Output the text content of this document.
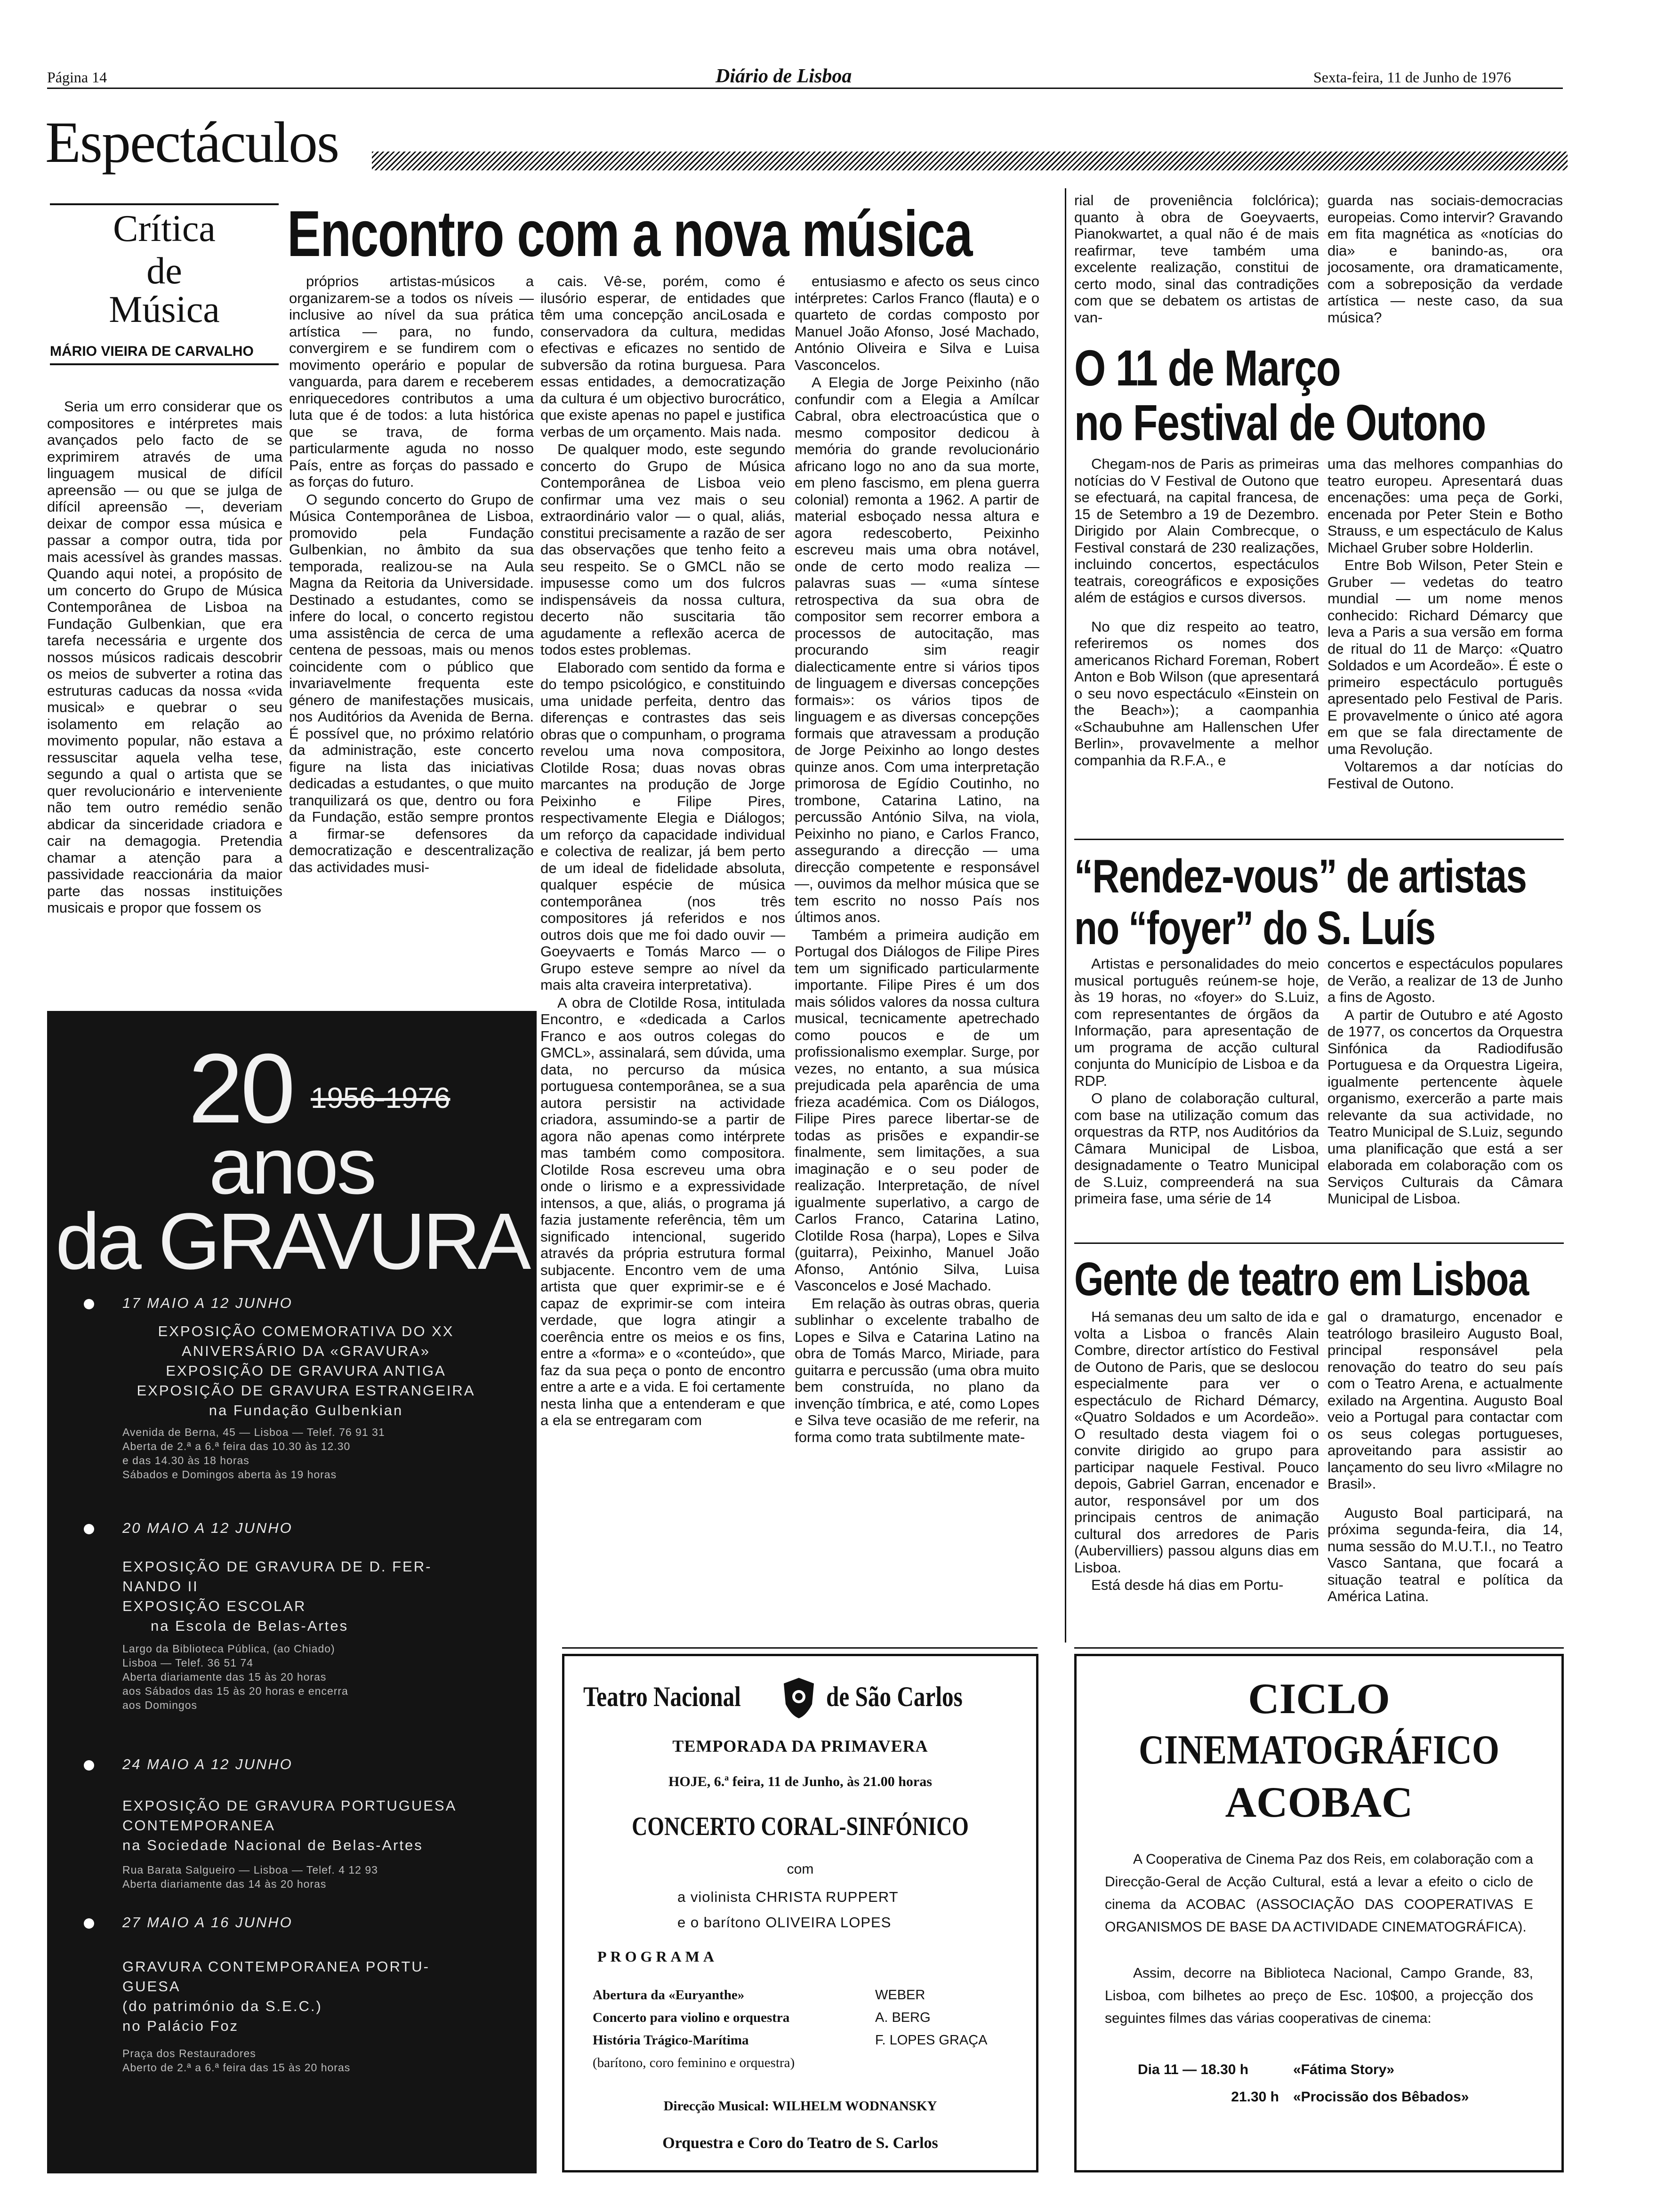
Página 14	Diário de Lisboa	Sexta-feira, 11 de Junho de 1976
Espectáculos
Crítica
de
Música
MÁRIO VIEIRA DE CARVALHO
Encontro com a nova música

Seria um erro considerar que os compositores e intérpretes mais avançados pelo facto de se exprimirem através de uma linguagem musical de difícil apreensão — ou que se julga de difícil apreensão —, deveriam deixar de compor essa música e passar a compor outra, tida por mais acessível às grandes massas. Quando aqui notei, a propósito de um concerto do Grupo de Música Contemporânea de Lisboa na Fundação Gulbenkian, que era tarefa necessária e urgente dos nossos músicos radicais descobrir os meios de subverter a rotina das estruturas caducas da nossa «vida musical» e quebrar o seu isolamento em relação ao movimento popular, não estava a ressuscitar aquela velha tese, segundo a qual o artista que se quer revolucionário e interveniente não tem outro remédio senão abdicar da sinceridade criadora e cair na demagogia. Pretendia chamar a atenção para a passividade reaccionária da maior parte das nossas instituições musicais e propor que fossem os

próprios artistas-músicos a organizarem-se a todos os níveis — inclusive ao nível da sua prática artística — para, no fundo, convergirem e se fundirem com o movimento operário e popular de vanguarda, para darem e receberem enriquecedores contributos a uma luta que é de todos: a luta histórica que se trava, de forma particularmente aguda no nosso País, entre as forças do passado e as forças do futuro.

O segundo concerto do Grupo de Música Contemporânea de Lisboa, promovido pela Fundação Gulbenkian, no âmbito da sua temporada, realizou-se na Aula Magna da Reitoria da Universidade. Destinado a estudantes, como se infere do local, o concerto registou uma assistência de cerca de uma centena de pessoas, mais ou menos coincidente com o público que invariavelmente frequenta este género de manifestações musicais, nos Auditórios da Avenida de Berna. É possível que, no próximo relatório da administração, este concerto figure na lista das iniciativas dedicadas a estudantes, o que muito tranquilizará os que, dentro ou fora da Fundação, estão sempre prontos a firmar-se defensores da democratização e descentralização das actividades musi-

cais. Vê-se, porém, como é ilusório esperar, de entidades que têm uma concepção anciLosada e conservadora da cultura, medidas efectivas e eficazes no sentido de subversão da rotina burguesa. Para essas entidades, a democratização da cultura é um objectivo burocrático, que existe apenas no papel e justifica verbas de um orçamento. Mais nada.

De qualquer modo, este segundo concerto do Grupo de Música Contemporânea de Lisboa veio confirmar uma vez mais o seu extraordinário valor — o qual, aliás, constitui precisamente a razão de ser das observações que tenho feito a seu respeito. Se o GMCL não se impusesse como um dos fulcros indispensáveis da nossa cultura, decerto não suscitaria tão agudamente a reflexão acerca de todos estes problemas.

Elaborado com sentido da forma e do tempo psicológico, e constituindo uma unidade perfeita, dentro das diferenças e contrastes das seis obras que o compunham, o programa revelou uma nova compositora, Clotilde Rosa; duas novas obras marcantes na produção de Jorge Peixinho e Filipe Pires, respectivamente Elegia e Diálogos; um reforço da capacidade individual e colectiva de realizar, já bem perto de um ideal de fidelidade absoluta, qualquer espécie de música contemporânea (nos três compositores já referidos e nos outros dois que me foi dado ouvir — Goeyvaerts e Tomás Marco — o Grupo esteve sempre ao nível da mais alta craveira interpretativa).

A obra de Clotilde Rosa, intitulada Encontro, e «dedicada a Carlos Franco e aos outros colegas do GMCL», assinalará, sem dúvida, uma data, no percurso da música portuguesa contemporânea, se a sua autora persistir na actividade criadora, assumindo-se a partir de agora não apenas como intérprete mas também como compositora. Clotilde Rosa escreveu uma obra onde o lirismo e a expressividade intensos, a que, aliás, o programa já fazia justamente referência, têm um significado intencional, sugerido através da própria estrutura formal subjacente. Encontro vem de uma artista que quer exprimir-se e é capaz de exprimir-se com inteira verdade, que logra atingir a coerência entre os meios e os fins, entre a «forma» e o «conteúdo», que faz da sua peça o ponto de encontro entre a arte e a vida. E foi certamente nesta linha que a entenderam e que a ela se entregaram com

entusiasmo e afecto os seus cinco intérpretes: Carlos Franco (flauta) e o quarteto de cordas composto por Manuel João Afonso, José Machado, António Oliveira e Silva e Luisa Vasconcelos.

A Elegia de Jorge Peixinho (não confundir com a Elegia a Amílcar Cabral, obra electroacústica que o mesmo compositor dedicou à memória do grande revolucionário africano logo no ano da sua morte, em pleno fascismo, em plena guerra colonial) remonta a 1962. A partir de material esboçado nessa altura e agora redescoberto, Peixinho escreveu mais uma obra notável, onde de certo modo realiza — palavras suas — «uma síntese retrospectiva da sua obra de compositor sem recorrer embora a processos de autocitação, mas procurando sim reagir dialecticamente entre si vários tipos de linguagem e diversas concepções formais»: os vários tipos de linguagem e as diversas concepções formais que atravessam a produção de Jorge Peixinho ao longo destes quinze anos. Com uma interpretação primorosa de Egídio Coutinho, no trombone, Catarina Latino, na percussão António Silva, na viola, Peixinho no piano, e Carlos Franco, assegurando a direcção — uma direcção competente e responsável —, ouvimos da melhor música que se tem escrito no nosso País nos últimos anos.

Também a primeira audição em Portugal dos Diálogos de Filipe Pires tem um significado particularmente importante. Filipe Pires é um dos mais sólidos valores da nossa cultura musical, tecnicamente apetrechado como poucos e de um profissionalismo exemplar. Surge, por vezes, no entanto, a sua música prejudicada pela aparência de uma frieza académica. Com os Diálogos, Filipe Pires parece libertar-se de todas as prisões e expandir-se finalmente, sem limitações, a sua imaginação e o seu poder de realização. Interpretação, de nível igualmente superlativo, a cargo de Carlos Franco, Catarina Latino, Clotilde Rosa (harpa), Lopes e Silva (guitarra), Peixinho, Manuel João Afonso, António Silva, Luisa Vasconcelos e José Machado.

Em relação às outras obras, queria sublinhar o excelente trabalho de Lopes e Silva e Catarina Latino na obra de Tomás Marco, Miriade, para guitarra e percussão (uma obra muito bem construída, no plano da invenção tímbrica, e até, como Lopes e Silva teve ocasião de me referir, na forma como trata subtilmente mate-

rial de proveniência folclórica); quanto à obra de Goeyvaerts, Pianokwartet, a qual não é de mais reafirmar, teve também uma excelente realização, constitui de certo modo, sinal das contradições com que se debatem os artistas de van-

guarda nas sociais-democracias europeias. Como intervir? Gravando em fita magnética as «notícias do dia» e banindo-as, ora jocosamente, ora dramaticamente, com a sobreposição da verdade artística — neste caso, da sua música?

O 11 de Março
no Festival de Outono

Chegam-nos de Paris as primeiras notícias do V Festival de Outono que se efectuará, na capital francesa, de 15 de Setembro a 19 de Dezembro. Dirigido por Alain Combrecque, o Festival constará de 230 realizações, incluindo concertos, espectáculos teatrais, coreográficos e exposições além de estágios e cursos diversos.

No que diz respeito ao teatro, referiremos os nomes dos americanos Richard Foreman, Robert Anton e Bob Wilson (que apresentará o seu novo espectáculo «Einstein on the Beach»); a caompanhia «Schaubuhne am Hallenschen Ufer Berlin», provavelmente a melhor companhia da R.F.A., e

uma das melhores companhias do teatro europeu. Apresentará duas encenações: uma peça de Gorki, encenada por Peter Stein e Botho Strauss, e um espectáculo de Kalus Michael Gruber sobre Holderlin.

Entre Bob Wilson, Peter Stein e Gruber — vedetas do teatro mundial — um nome menos conhecido: Richard Démarcy que leva a Paris a sua versão em forma de ritual do 11 de Março: «Quatro Soldados e um Acordeão». É este o primeiro espectáculo português apresentado pelo Festival de Paris. E provavelmente o único até agora em que se fala directamente de uma Revolução.

Voltaremos a dar notícias do Festival de Outono.

“Rendez-vous” de artistas
no “foyer” do S. Luís

Artistas e personalidades do meio musical português reúnem-se hoje, às 19 horas, no «foyer» do S.Luiz, com representantes de órgãos da Informação, para apresentação de um programa de acção cultural conjunta do Município de Lisboa e da RDP.

O plano de colaboração cultural, com base na utilização comum das orquestras da RTP, nos Auditórios da Câmara Municipal de Lisboa, designadamente o Teatro Municipal de S.Luiz, compreenderá na sua primeira fase, uma série de 14

concertos e espectáculos populares de Verão, a realizar de 13 de Junho a fins de Agosto.

A partir de Outubro e até Agosto de 1977, os concertos da Orquestra Sinfónica da Radiodifusão Portuguesa e da Orquestra Ligeira, igualmente pertencente àquele organismo, exercerão a parte mais relevante da sua actividade, no Teatro Municipal de S.Luiz, segundo uma planificação que está a ser elaborada em colaboração com os Serviços Culturais da Câmara Municipal de Lisboa.

Gente de teatro em Lisboa

Há semanas deu um salto de ida e volta a Lisboa o francês Alain Combre, director artístico do Festival de Outono de Paris, que se deslocou especialmente para ver o espectáculo de Richard Démarcy, «Quatro Soldados e um Acordeão». O resultado desta viagem foi o convite dirigido ao grupo para participar naquele Festival. Pouco depois, Gabriel Garran, encenador e autor, responsável por um dos principais centros de animação cultural dos arredores de Paris (Aubervilliers) passou alguns dias em Lisboa.

Está desde há dias em Portu-

gal o dramaturgo, encenador e teatrólogo brasileiro Augusto Boal, principal responsável pela renovação do teatro do seu país com o Teatro Arena, e actualmente exilado na Argentina. Augusto Boal veio a Portugal para contactar com os seus colegas portugueses, aproveitando para assistir ao lançamento do seu livro «Milagre no Brasil».

Augusto Boal participará, na próxima segunda-feira, dia 14, numa sessão do M.U.T.I., no Teatro Vasco Santana, que focará a situação teatral e política da América Latina.

20 1956-1976
anos
da GRAVURA
17 MAIO A 12 JUNHO
EXPOSIÇÃO COMEMORATIVA DO XX
ANIVERSÁRIO DA «GRAVURA»
EXPOSIÇÃO DE GRAVURA ANTIGA
EXPOSIÇÃO DE GRAVURA ESTRANGEIRA
na Fundação Gulbenkian
Avenida de Berna, 45 — Lisboa — Telef. 76 91 31
Aberta de 2.ª a 6.ª feira das 10.30 às 12.30
e das 14.30 às 18 horas
Sábados e Domingos aberta às 19 horas
20 MAIO A 12 JUNHO
EXPOSIÇÃO DE GRAVURA DE D. FER-
NANDO II
EXPOSIÇÃO ESCOLAR
na Escola de Belas-Artes
Largo da Biblioteca Pública, (ao Chiado)
Lisboa — Telef. 36 51 74
Aberta diariamente das 15 às 20 horas
aos Sábados das 15 às 20 horas e encerra
aos Domingos
24 MAIO A 12 JUNHO
EXPOSIÇÃO DE GRAVURA PORTUGUESA
CONTEMPORANEA
na Sociedade Nacional de Belas-Artes
Rua Barata Salgueiro — Lisboa — Telef. 4 12 93
Aberta diariamente das 14 às 20 horas
27 MAIO A 16 JUNHO
GRAVURA CONTEMPORANEA PORTU-
GUESA
(do património da S.E.C.)
no Palácio Foz
Praça dos Restauradores
Aberto de 2.ª a 6.ª feira das 15 às 20 horas
Teatro Nacional	de São Carlos
TEMPORADA DA PRIMAVERA
HOJE, 6.ª feira, 11 de Junho, às 21.00 horas
CONCERTO CORAL-SINFÓNICO
com
a violinista CHRISTA RUPPERT
e o barítono OLIVEIRA LOPES
PROGRAMA
Abertura da «Euryanthe»	WEBER
Concerto para violino e orquestra	A. BERG
História Trágico-Marítima	F. LOPES GRAÇA
(barítono, coro feminino e orquestra)
Direcção Musical: WILHELM WODNANSKY
Orquestra e Coro do Teatro de S. Carlos
CICLO
CINEMATOGRÁFICO
ACOBAC
A Cooperativa de Cinema Paz dos Reis, em colaboração com a Direcção-Geral de Acção Cultural, está a levar a efeito o ciclo de cinema da ACOBAC (ASSOCIAÇÃO DAS COOPERATIVAS E ORGANISMOS DE BASE DA ACTIVIDADE CINEMATOGRÁFICA).
Assim, decorre na Biblioteca Nacional, Campo Grande, 83, Lisboa, com bilhetes ao preço de Esc. 10$00, a projecção dos seguintes filmes das várias cooperativas de cinema:
Dia 11 — 18.30 h	«Fátima Story»
21.30 h	«Procissão dos Bêbados»
